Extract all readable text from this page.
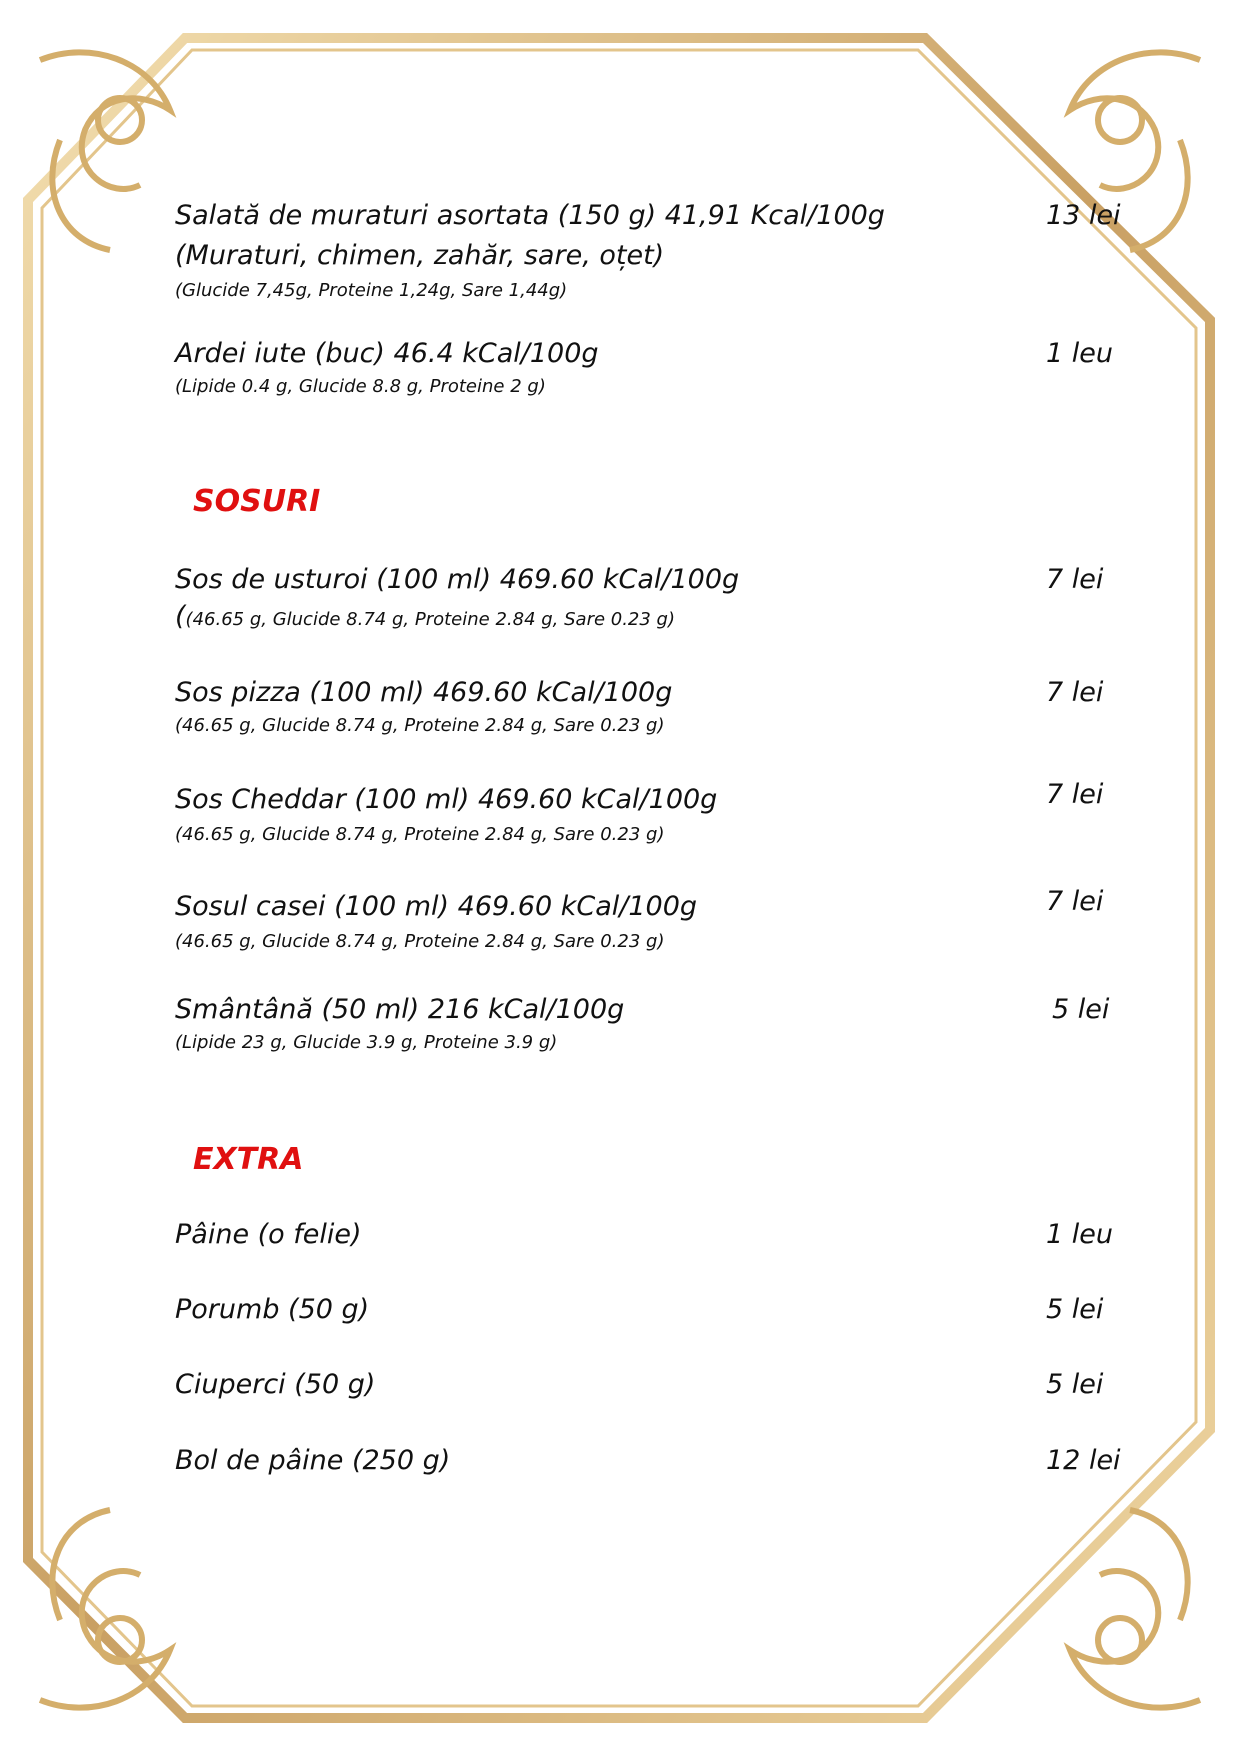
Salată de muraturi asortata (150 g) 41,91 Kcal/100g
(Muraturi, chimen, zahăr, sare, oțet)
(Glucide 7,45g, Proteine 1,24g, Sare 1,44g)
13 lei
Ardei iute (buc) 46.4 kCal/100g
(Lipide 0.4 g, Glucide 8.8 g, Proteine 2 g)
1 leu
SOSURI
Sos de usturoi (100 ml) 469.60 kCal/100g
((46.65 g, Glucide 8.74 g, Proteine 2.84 g, Sare 0.23 g)
7 lei
Sos pizza (100 ml) 469.60 kCal/100g
(46.65 g, Glucide 8.74 g, Proteine 2.84 g, Sare 0.23 g)
7 lei
Sos Cheddar (100 ml) 469.60 kCal/100g
(46.65 g, Glucide 8.74 g, Proteine 2.84 g, Sare 0.23 g)
7 lei
Sosul casei (100 ml) 469.60 kCal/100g
(46.65 g, Glucide 8.74 g, Proteine 2.84 g, Sare 0.23 g)
7 lei
Smântână (50 ml) 216 kCal/100g
(Lipide 23 g, Glucide 3.9 g, Proteine 3.9 g)
5 lei
EXTRA
Pâine (o felie)	1 leu
Porumb (50 g)	5 lei
Ciuperci (50 g)	5 lei
Bol de pâine (250 g)	12 lei
